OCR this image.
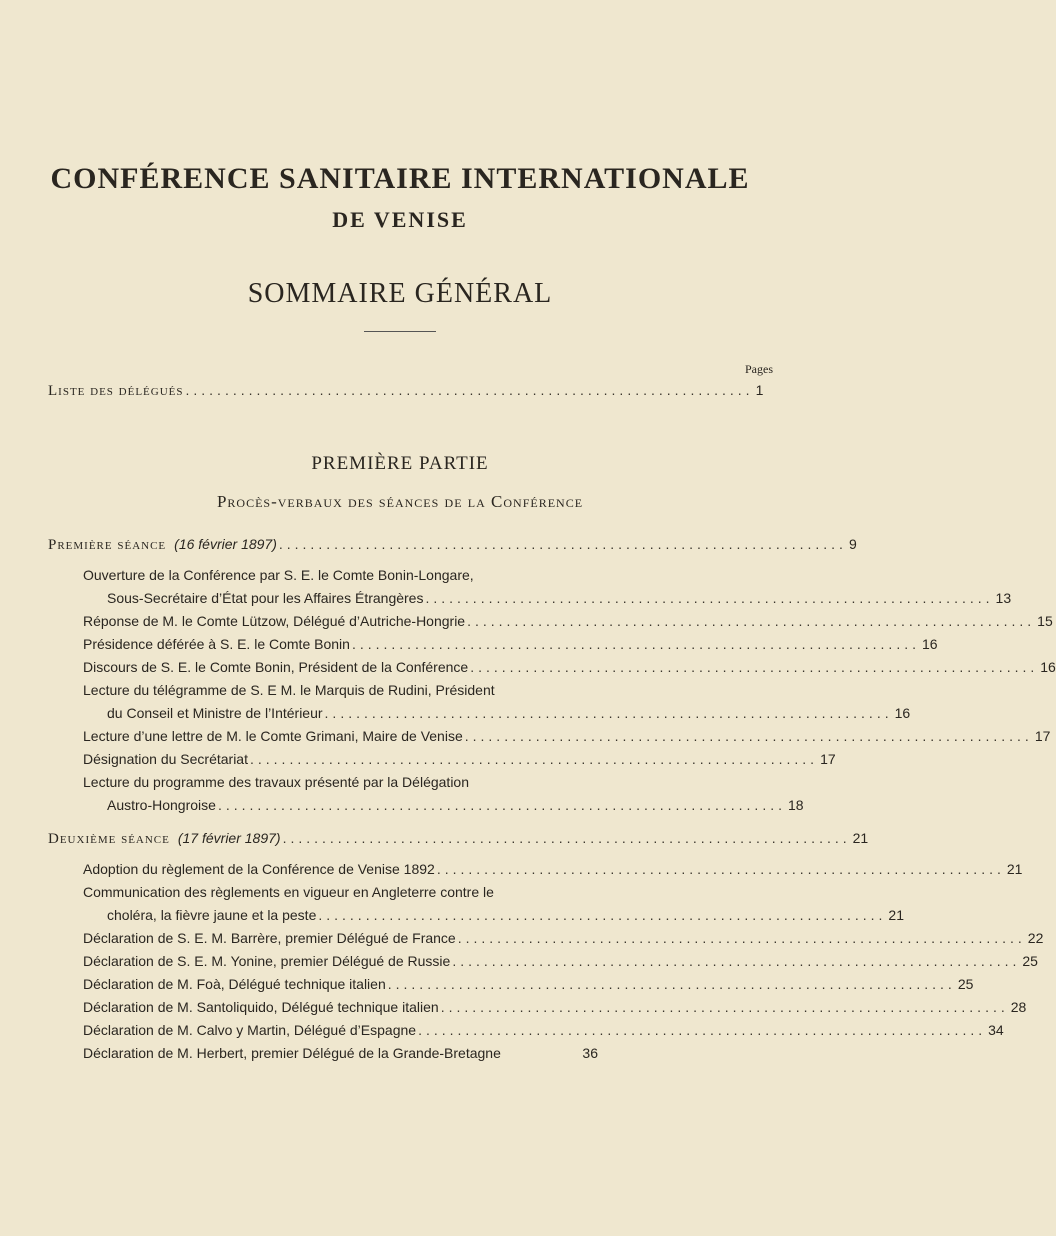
CONFÉRENCE SANITAIRE INTERNATIONALE
DE VENISE
SOMMAIRE GÉNÉRAL
Pages
Liste des délégués ........................................................................ 1
PREMIÈRE PARTIE
Procès-verbaux des séances de la Conférence
Première séance (16 février 1897) ........................................................................ 9
Ouverture de la Conférence par S. E. le Comte Bonin-Longare,
Sous-Secrétaire d’État pour les Affaires Étrangères ........................................................................ 13
Réponse de M. le Comte Lützow, Délégué d’Autriche-Hongrie ........................................................................ 15
Présidence déférée à S. E. le Comte Bonin ........................................................................ 16
Discours de S. E. le Comte Bonin, Président de la Conférence ........................................................................ 16
Lecture du télégramme de S. E M. le Marquis de Rudini, Président
du Conseil et Ministre de l’Intérieur ........................................................................ 16
Lecture d’une lettre de M. le Comte Grimani, Maire de Venise ........................................................................ 17
Désignation du Secrétariat ........................................................................ 17
Lecture du programme des travaux présenté par la Délégation
Austro-Hongroise ........................................................................ 18
Deuxième séance (17 février 1897) ........................................................................ 21
Adoption du règlement de la Conférence de Venise 1892 ........................................................................ 21
Communication des règlements en vigueur en Angleterre contre le
choléra, la fièvre jaune et la peste ........................................................................ 21
Déclaration de S. E. M. Barrère, premier Délégué de France ........................................................................ 22
Déclaration de S. E. M. Yonine, premier Délégué de Russie ........................................................................ 25
Déclaration de M. Foà, Délégué technique italien ........................................................................ 25
Déclaration de M. Santoliquido, Délégué technique italien ........................................................................ 28
Déclaration de M. Calvo y Martin, Délégué d’Espagne ........................................................................ 34
Déclaration de M. Herbert, premier Délégué de la Grande-Bretagne	36
